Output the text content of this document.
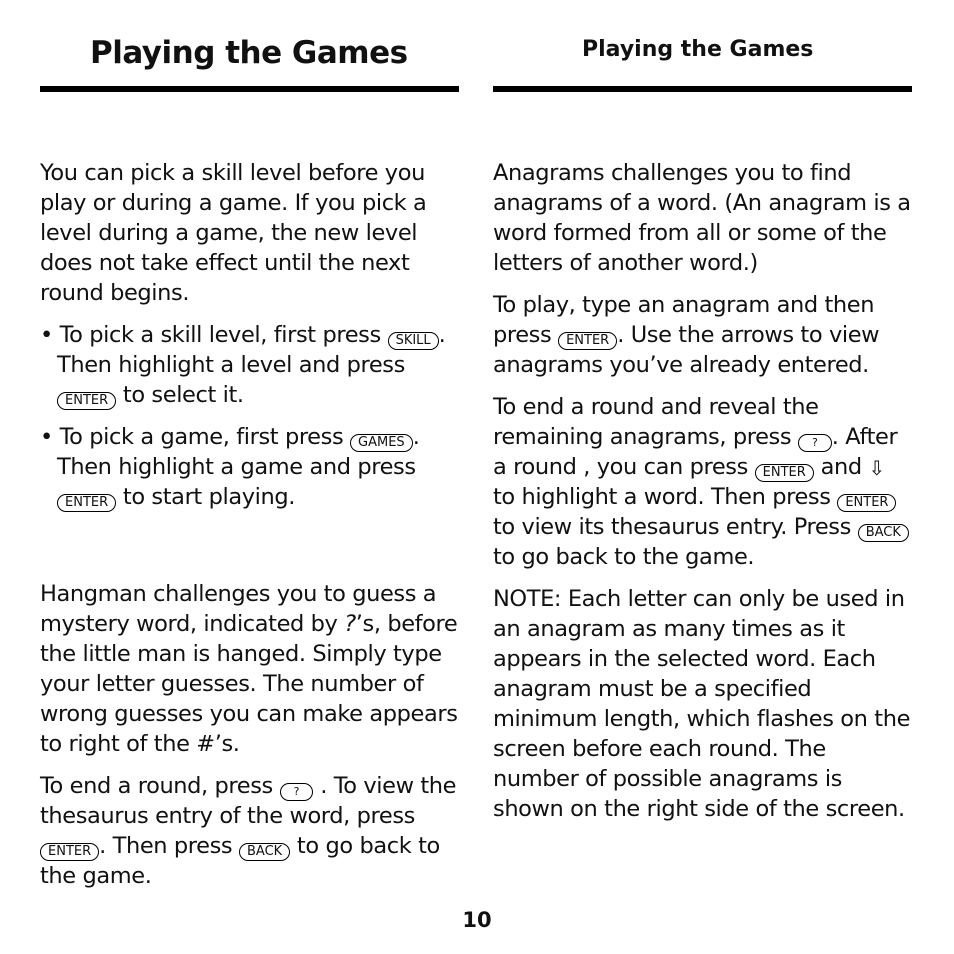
Playing the Games	Playing the Games

You can pick a skill level before you play or during a game. If you pick a level during a game, the new level does not take effect until the next round begins.

• To pick a skill level, first press SKILL . Then highlight a level and press ENTER to select it.

• To pick a game, first press GAMES . Then highlight a game and press ENTER to start playing.

Hangman challenges you to guess a mystery word, indicated by ?’s, before the little man is hanged. Simply type your letter guesses. The number of wrong guesses you can make appears to right of the #’s.

To end a round, press ? . To view the thesaurus entry of the word, press ENTER . Then press BACK to go back to the game.

Anagrams challenges you to find anagrams of a word. (An anagram is a word formed from all or some of the letters of another word.)

To play, type an anagram and then press ENTER . Use the arrows to view anagrams you’ve already entered.

To end a round and reveal the remaining anagrams, press ? . After a round , you can press ENTER and ⇩ to highlight a word. Then press ENTER to view its thesaurus entry. Press BACK to go back to the game.

NOTE: Each letter can only be used in an anagram as many times as it appears in the selected word. Each anagram must be a specified minimum length, which flashes on the screen before each round. The number of possible anagrams is shown on the right side of the screen.

10
